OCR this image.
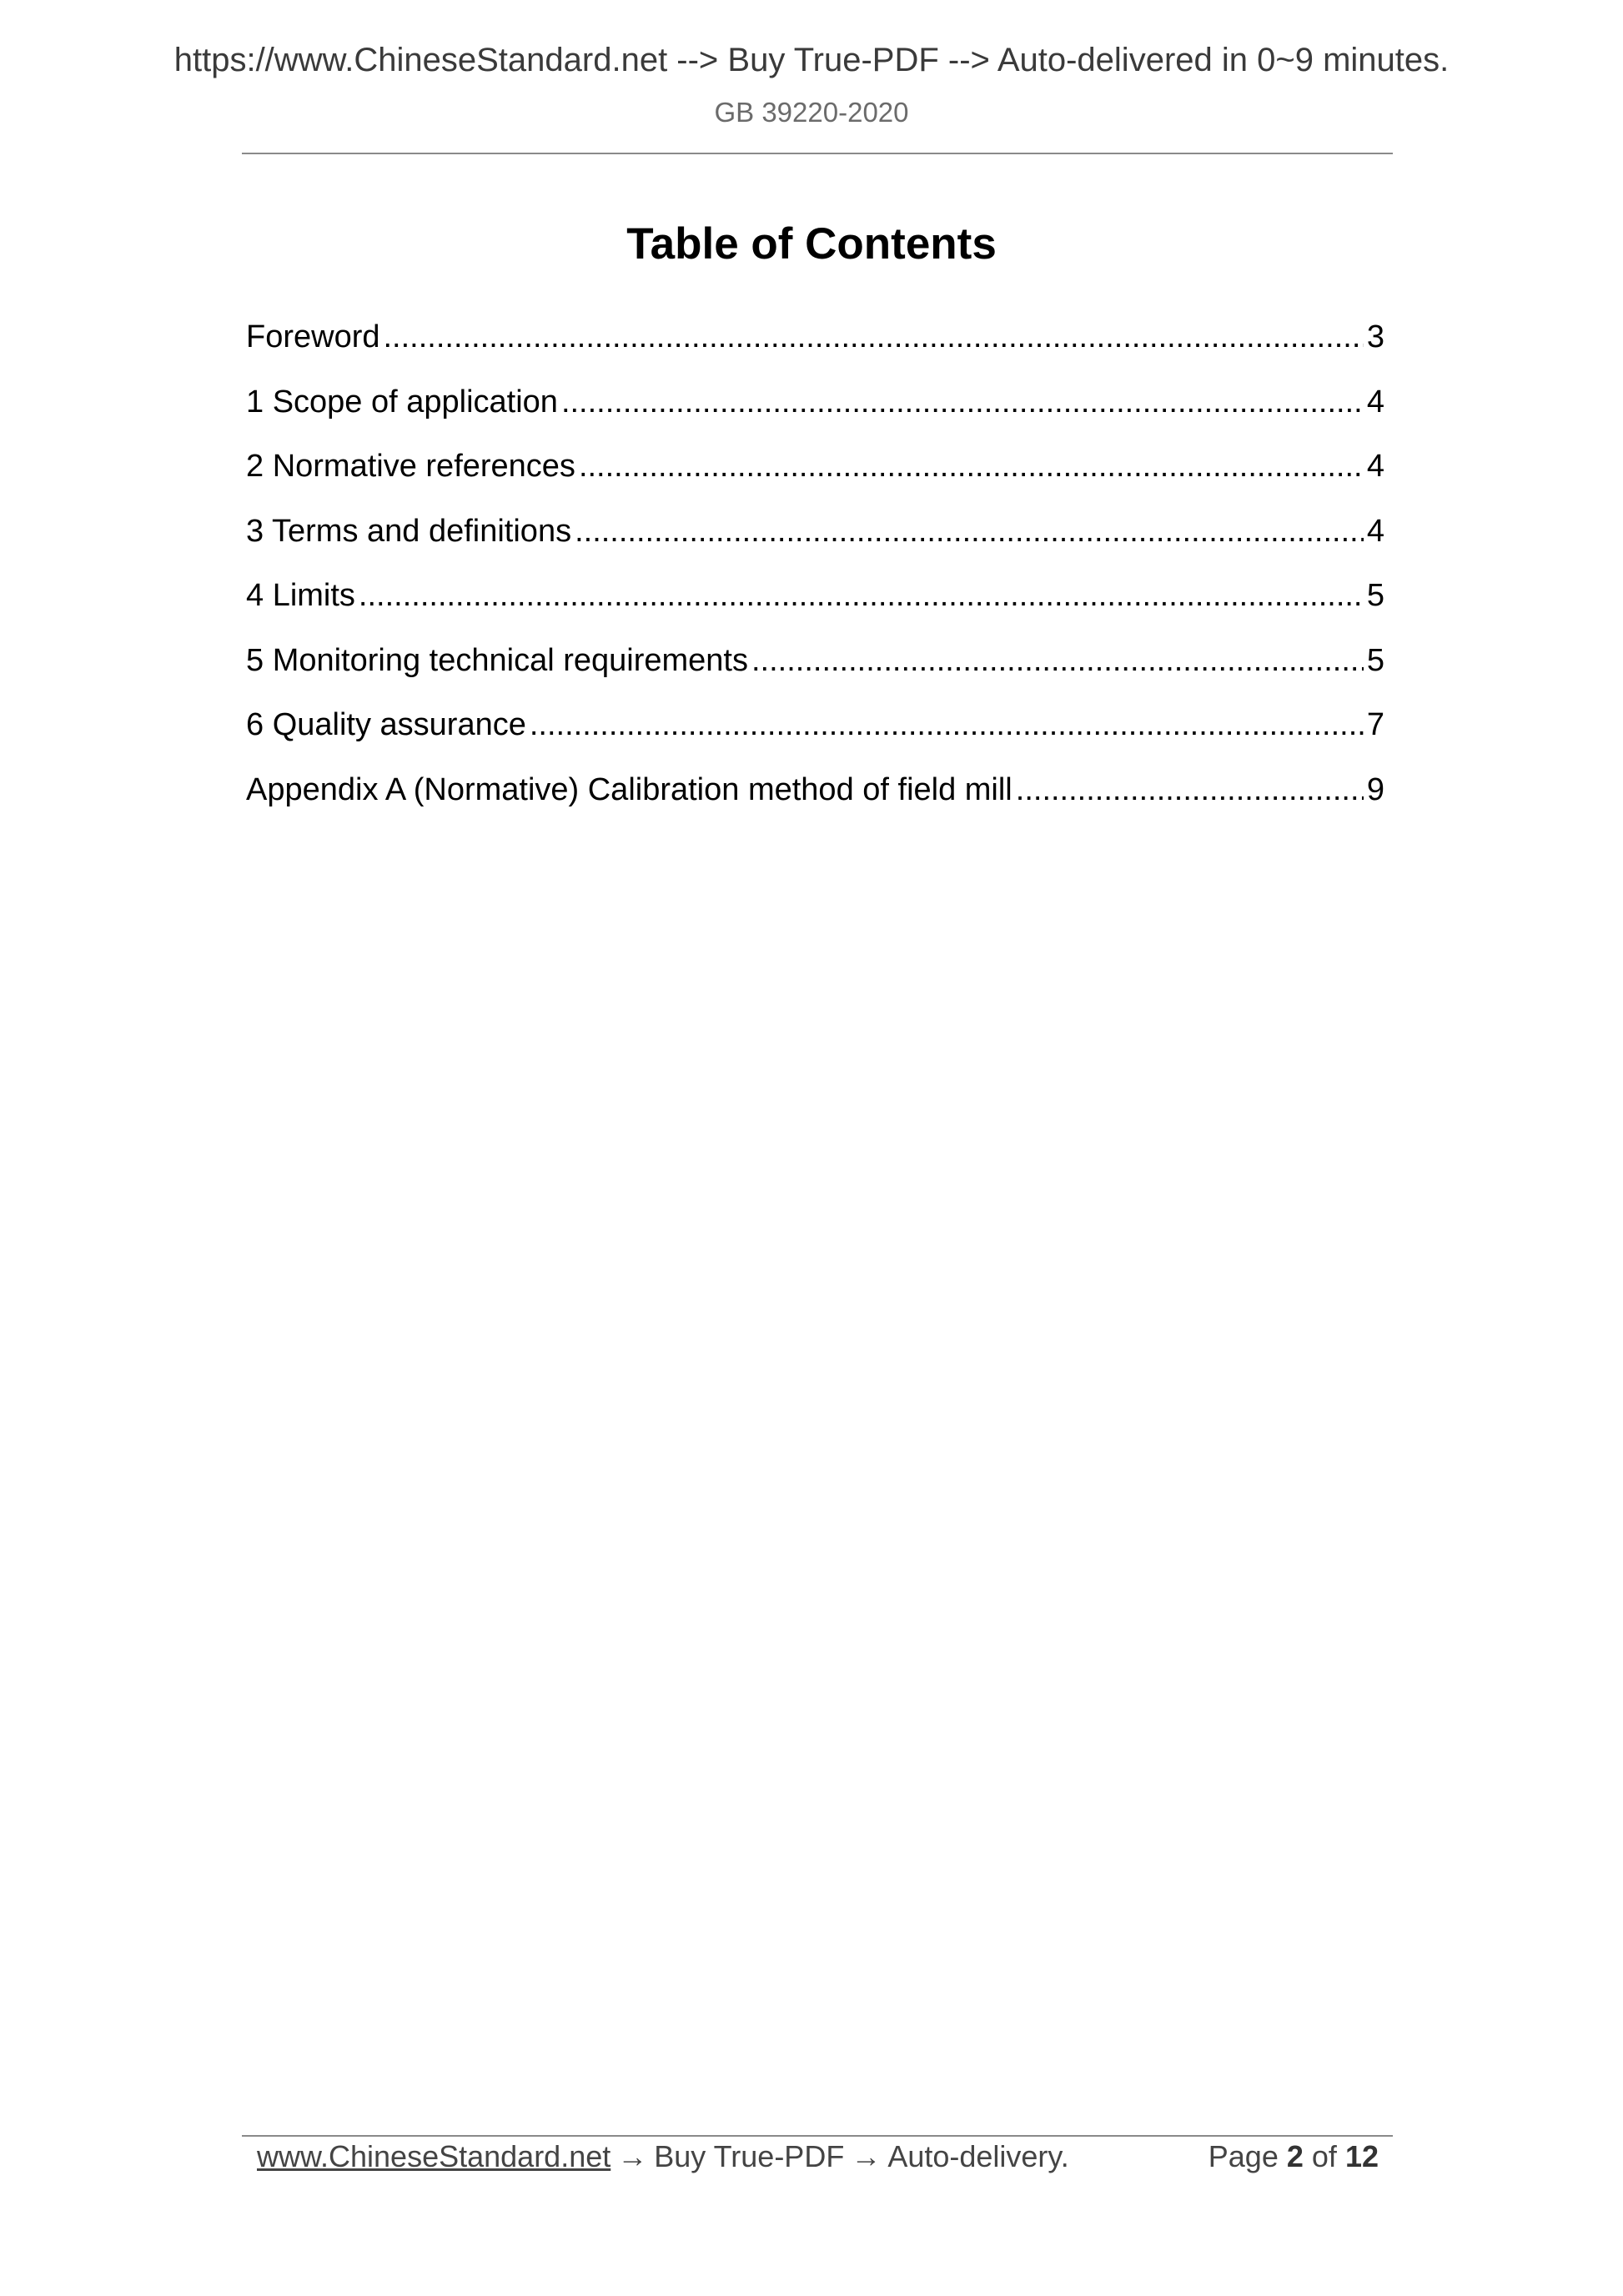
https://www.ChineseStandard.net --> Buy True-PDF --> Auto-delivered in 0~9 minutes.
GB 39220-2020
Table of Contents
Foreword .....	3
1 Scope of application .....	4
2 Normative references .....	4
3 Terms and definitions .....	4
4 Limits .....	5
5 Monitoring technical requirements .....	5
6 Quality assurance .....	7
Appendix A (Normative) Calibration method of field mill .....	9
www.ChineseStandard.net → Buy True-PDF → Auto-delivery.	Page 2 of 12
